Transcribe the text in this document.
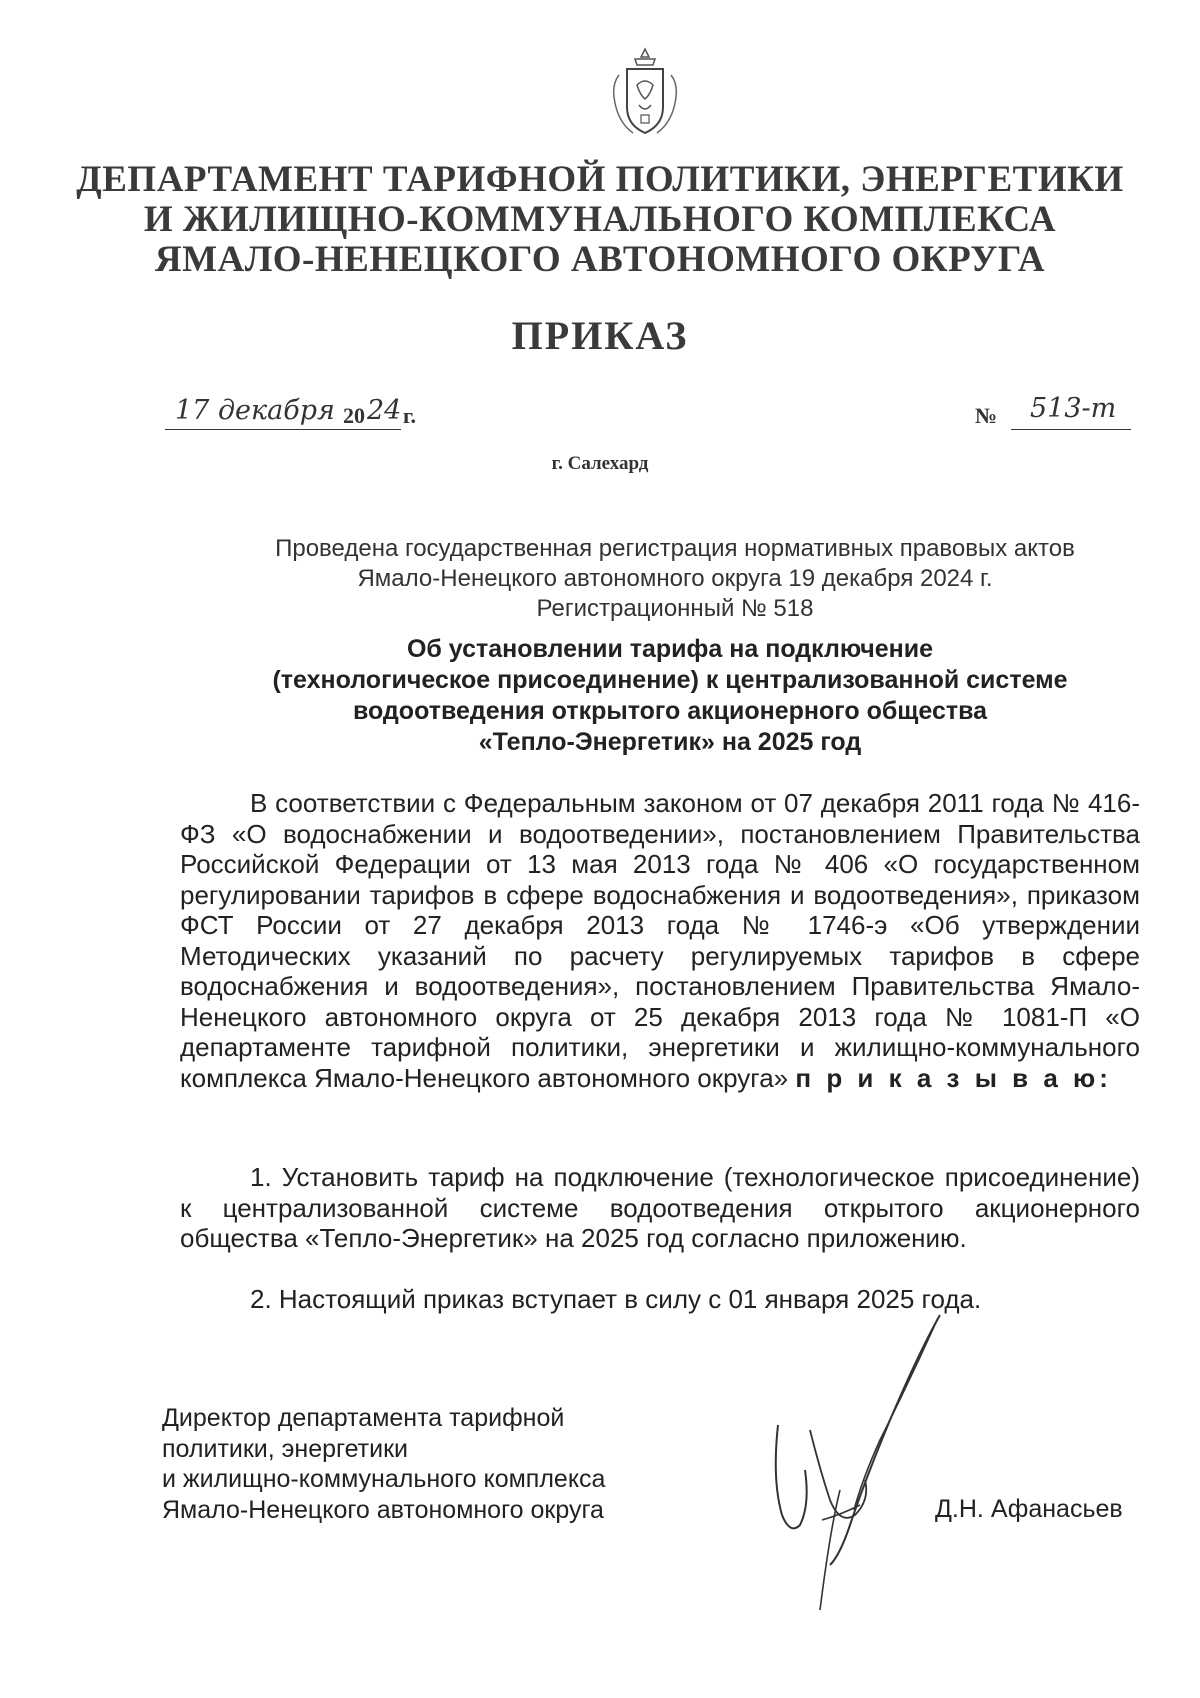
ДЕПАРТАМЕНТ ТАРИФНОЙ ПОЛИТИКИ, ЭНЕРГЕТИКИ
И ЖИЛИЩНО-КОММУНАЛЬНОГО КОМПЛЕКСА
ЯМАЛО-НЕНЕЦКОГО АВТОНОМНОГО ОКРУГА
ПРИКАЗ
17 декабря 20 24 г.	№ 513-т
г. Салехард
Проведена государственная регистрация нормативных правовых актов
Ямало-Ненецкого автономного округа 19 декабря 2024 г.
Регистрационный № 518
Об установлении тарифа на подключение
(технологическое присоединение) к централизованной системе
водоотведения открытого акционерного общества
«Тепло-Энергетик» на 2025 год
В соответствии с Федеральным законом от 07 декабря 2011 года № 416-ФЗ «О водоснабжении и водоотведении», постановлением Правительства Российской Федерации от 13 мая 2013 года № 406 «О государственном регулировании тарифов в сфере водоснабжения и водоотведения», приказом ФСТ России от 27 декабря 2013 года № 1746-э «Об утверждении Методических указаний по расчету регулируемых тарифов в сфере водоснабжения и водоотведения», постановлением Правительства Ямало-Ненецкого автономного округа от 25 декабря 2013 года № 1081-П «О департаменте тарифной политики, энергетики и жилищно-коммунального комплекса Ямало-Ненецкого автономного округа» п р и к а з ы в а ю:
1. Установить тариф на подключение (технологическое присоединение) к централизованной системе водоотведения открытого акционерного общества «Тепло-Энергетик» на 2025 год согласно приложению.
2. Настоящий приказ вступает в силу с 01 января 2025 года.
Директор департамента тарифной
политики, энергетики
и жилищно-коммунального комплекса
Ямало-Ненецкого автономного округа	Д.Н. Афанасьев
